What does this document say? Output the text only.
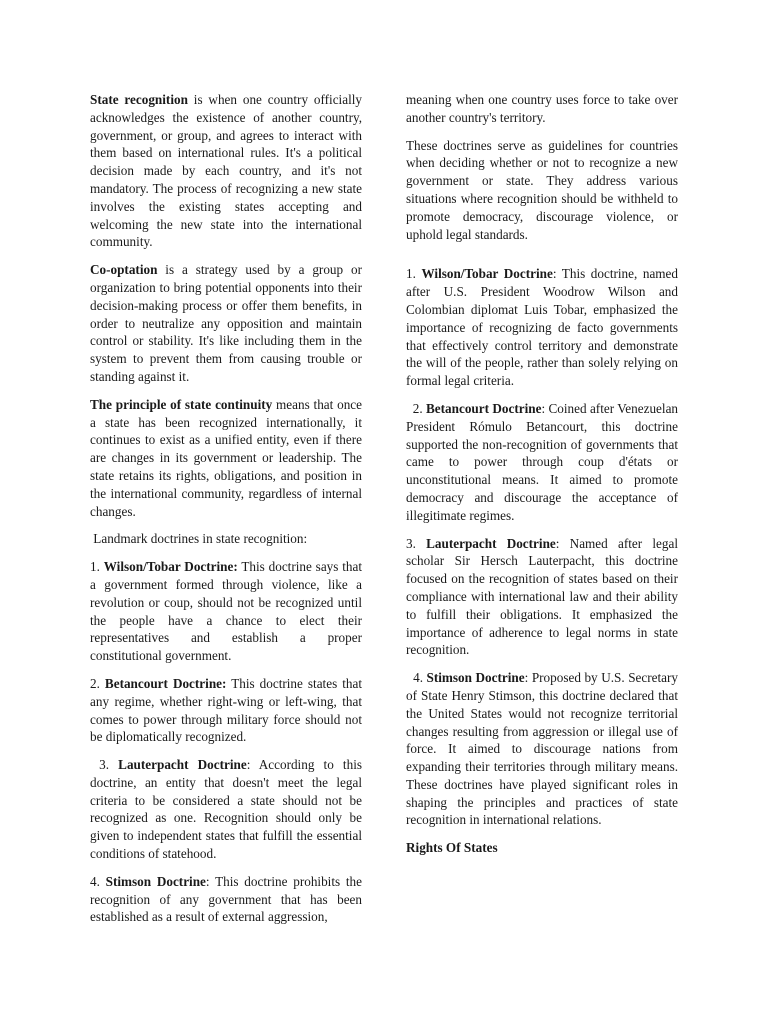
State recognition is when one country officially acknowledges the existence of another country, government, or group, and agrees to interact with them based on international rules. It's a political decision made by each country, and it's not mandatory. The process of recognizing a new state involves the existing states accepting and welcoming the new state into the international community.

Co-optation is a strategy used by a group or organization to bring potential opponents into their decision-making process or offer them benefits, in order to neutralize any opposition and maintain control or stability. It's like including them in the system to prevent them from causing trouble or standing against it.

The principle of state continuity means that once a state has been recognized internationally, it continues to exist as a unified entity, even if there are changes in its government or leadership. The state retains its rights, obligations, and position in the international community, regardless of internal changes.

Landmark doctrines in state recognition:

1. Wilson/Tobar Doctrine: This doctrine says that a government formed through violence, like a revolution or coup, should not be recognized until the people have a chance to elect their representatives and establish a proper constitutional government.

2. Betancourt Doctrine: This doctrine states that any regime, whether right-wing or left-wing, that comes to power through military force should not be diplomatically recognized.

3. Lauterpacht Doctrine: According to this doctrine, an entity that doesn't meet the legal criteria to be considered a state should not be recognized as one. Recognition should only be given to independent states that fulfill the essential conditions of statehood.

4. Stimson Doctrine: This doctrine prohibits the recognition of any government that has been established as a result of external aggression,

meaning when one country uses force to take over another country's territory.

These doctrines serve as guidelines for countries when deciding whether or not to recognize a new government or state. They address various situations where recognition should be withheld to promote democracy, discourage violence, or uphold legal standards.

1. Wilson/Tobar Doctrine: This doctrine, named after U.S. President Woodrow Wilson and Colombian diplomat Luis Tobar, emphasized the importance of recognizing de facto governments that effectively control territory and demonstrate the will of the people, rather than solely relying on formal legal criteria.

2. Betancourt Doctrine: Coined after Venezuelan President Rómulo Betancourt, this doctrine supported the non-recognition of governments that came to power through coup d'états or unconstitutional means. It aimed to promote democracy and discourage the acceptance of illegitimate regimes.

3. Lauterpacht Doctrine: Named after legal scholar Sir Hersch Lauterpacht, this doctrine focused on the recognition of states based on their compliance with international law and their ability to fulfill their obligations. It emphasized the importance of adherence to legal norms in state recognition.

4. Stimson Doctrine: Proposed by U.S. Secretary of State Henry Stimson, this doctrine declared that the United States would not recognize territorial changes resulting from aggression or illegal use of force. It aimed to discourage nations from expanding their territories through military means. These doctrines have played significant roles in shaping the principles and practices of state recognition in international relations.

Rights Of States
